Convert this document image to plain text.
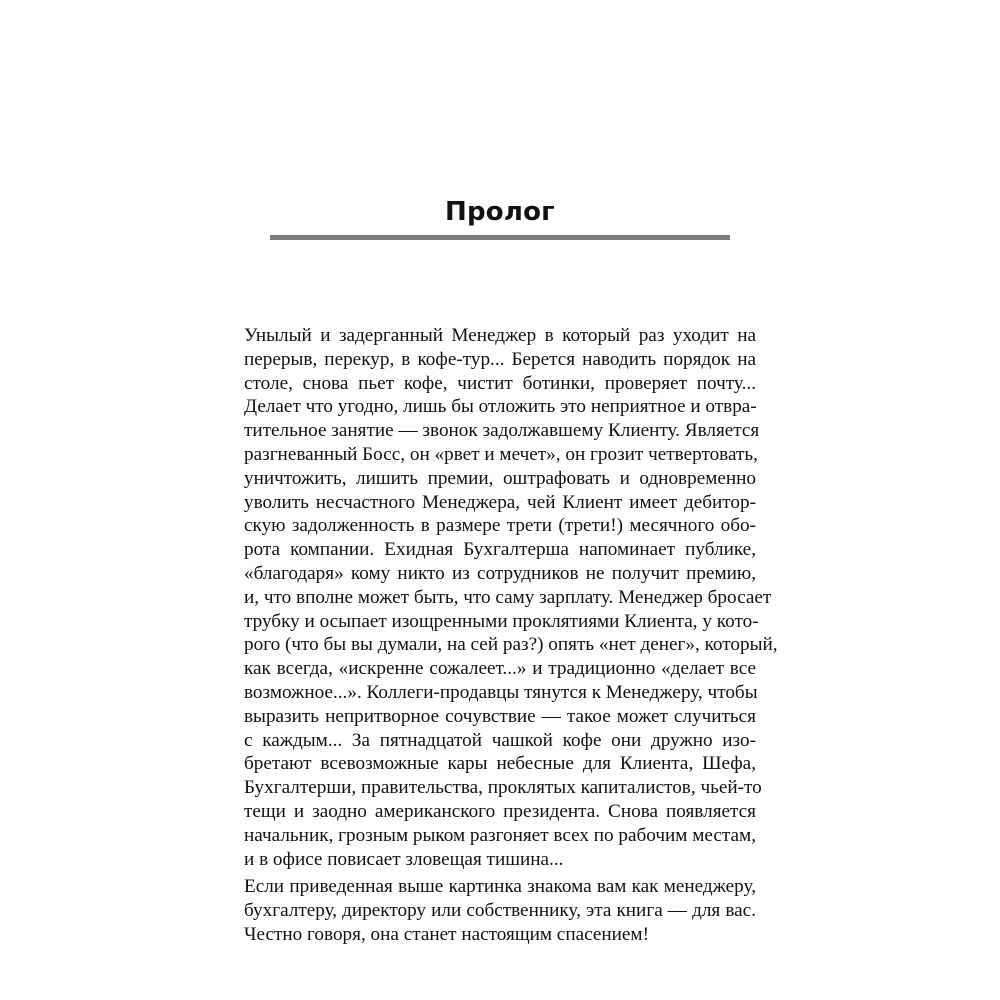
Пролог
Унылый и задерганный Менеджер в который раз уходит на
перерыв, перекур, в кофе-тур... Берется наводить порядок на
столе, снова пьет кофе, чистит ботинки, проверяет почту...
Делает что угодно, лишь бы отложить это неприятное и отвра-
тительное занятие — звонок задолжавшему Клиенту. Является
разгневанный Босс, он «рвет и мечет», он грозит четвертовать,
уничтожить, лишить премии, оштрафовать и одновременно
уволить несчастного Менеджера, чей Клиент имеет дебитор-
скую задолженность в размере трети (трети!) месячного обо-
рота компании. Ехидная Бухгалтерша напоминает публике,
«благодаря» кому никто из сотрудников не получит премию,
и, что вполне может быть, что саму зарплату. Менеджер бросает
трубку и осыпает изощренными проклятиями Клиента, у кото-
рого (что бы вы думали, на сей раз?) опять «нет денег», который,
как всегда, «искренне сожалеет...» и традиционно «делает все
возможное...». Коллеги-продавцы тянутся к Менеджеру, чтобы
выразить непритворное сочувствие — такое может случиться
с каждым... За пятнадцатой чашкой кофе они дружно изо-
бретают всевозможные кары небесные для Клиента, Шефа,
Бухгалтерши, правительства, проклятых капиталистов, чьей-то
тещи и заодно американского президента. Снова появляется
начальник, грозным рыком разгоняет всех по рабочим местам,
и в офисе повисает зловещая тишина...
Если приведенная выше картинка знакома вам как менеджеру,
бухгалтеру, директору или собственнику, эта книга — для вас.
Честно говоря, она станет настоящим спасением!
